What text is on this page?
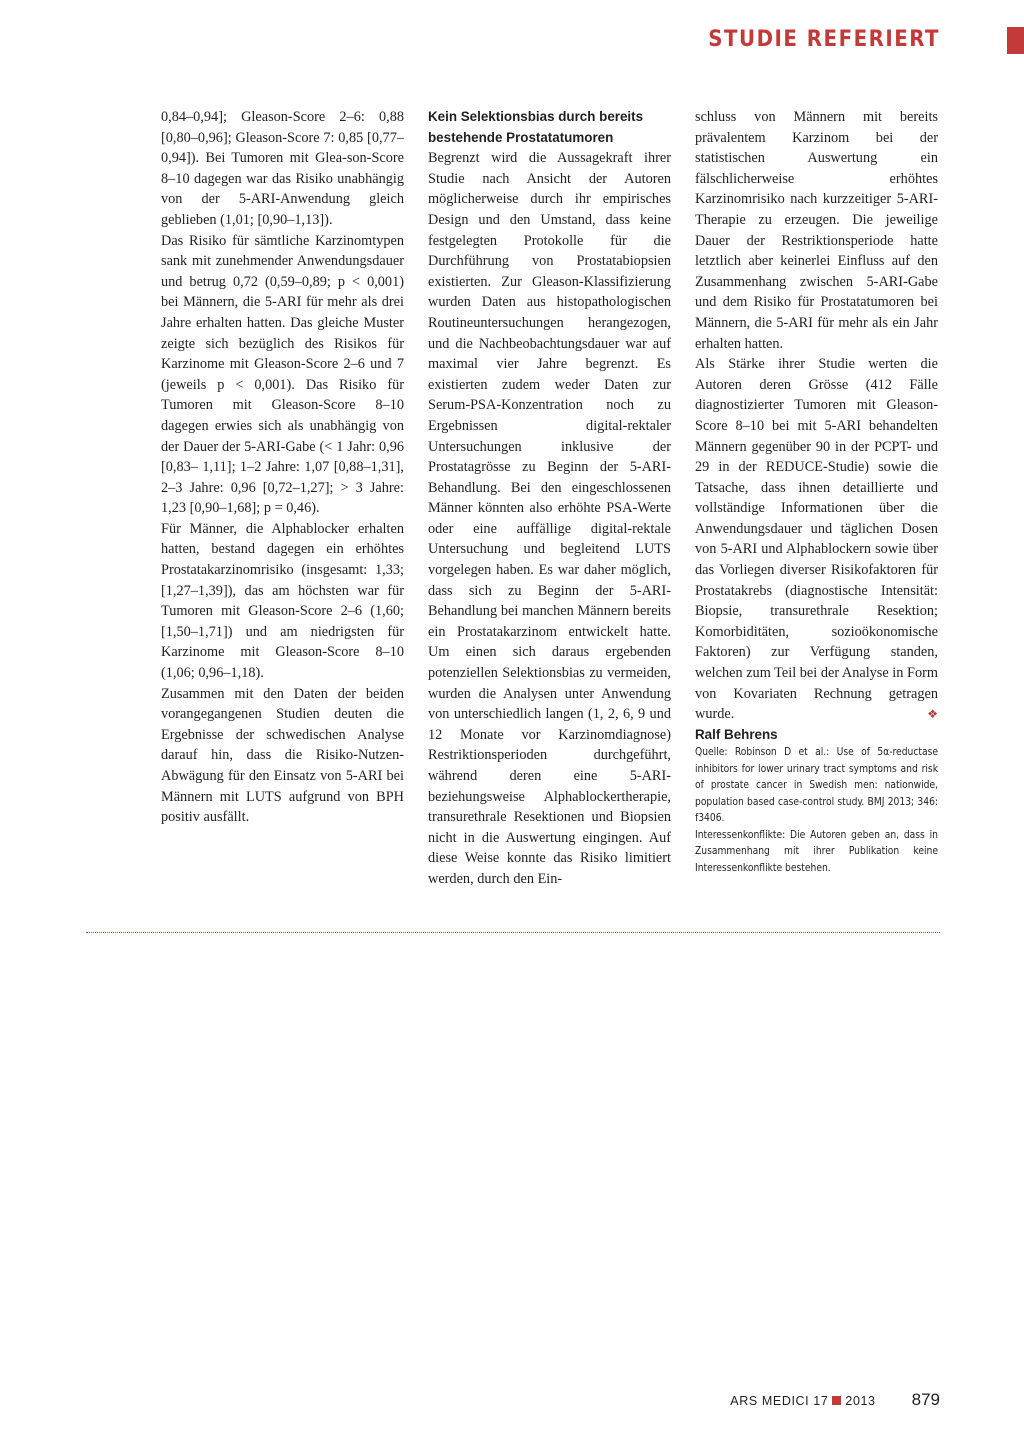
STUDIE REFERIERT

0,84–0,94]; Gleason-Score 2–6: 0,88 [0,80–0,96]; Gleason-Score 7: 0,85 [0,77–0,94]). Bei Tumoren mit Glea-son-Score 8–10 dagegen war das Risiko unabhängig von der 5-ARI-Anwendung gleich geblieben (1,01; [0,90–1,13]).

Das Risiko für sämtliche Karzinomtypen sank mit zunehmender Anwendungsdauer und betrug 0,72 (0,59–0,89; p < 0,001) bei Männern, die 5-ARI für mehr als drei Jahre erhalten hatten. Das gleiche Muster zeigte sich bezüglich des Risikos für Karzinome mit Gleason-Score 2–6 und 7 (jeweils p < 0,001). Das Risiko für Tumoren mit Gleason-Score 8–10 dagegen erwies sich als unabhängig von der Dauer der 5-ARI-Gabe (< 1 Jahr: 0,96 [0,83– 1,11]; 1–2 Jahre: 1,07 [0,88–1,31], 2–3 Jahre: 0,96 [0,72–1,27]; > 3 Jahre: 1,23 [0,90–1,68]; p = 0,46).

Für Männer, die Alphablocker erhalten hatten, bestand dagegen ein erhöhtes Prostatakarzinomrisiko (insgesamt: 1,33; [1,27–1,39]), das am höchsten war für Tumoren mit Gleason-Score 2–6 (1,60; [1,50–1,71]) und am niedrigsten für Karzinome mit Gleason-Score 8–10 (1,06; 0,96–1,18).

Zusammen mit den Daten der beiden vorangegangenen Studien deuten die Ergebnisse der schwedischen Analyse darauf hin, dass die Risiko-Nutzen-Abwägung für den Einsatz von 5-ARI bei Männern mit LUTS aufgrund von BPH positiv ausfällt.

Kein Selektionsbias durch bereits bestehende Prostatatumoren

Begrenzt wird die Aussagekraft ihrer Studie nach Ansicht der Autoren möglicherweise durch ihr empirisches Design und den Umstand, dass keine festgelegten Protokolle für die Durchführung von Prostatabiopsien existierten. Zur Gleason-Klassifizierung wurden Daten aus histopathologischen Routineuntersuchungen herangezogen, und die Nachbeobachtungsdauer war auf maximal vier Jahre begrenzt. Es existierten zudem weder Daten zur Serum-PSA-Konzentration noch zu Ergebnissen digital-rektaler Untersuchungen inklusive der Prostatagrösse zu Beginn der 5-ARI-Behandlung. Bei den eingeschlossenen Männer könnten also erhöhte PSA-Werte oder eine auffällige digital-rektale Untersuchung und begleitend LUTS vorgelegen haben. Es war daher möglich, dass sich zu Beginn der 5-ARI-Behandlung bei manchen Männern bereits ein Prostatakarzinom entwickelt hatte. Um einen sich daraus ergebenden potenziellen Selektionsbias zu vermeiden, wurden die Analysen unter Anwendung von unterschiedlich langen (1, 2, 6, 9 und 12 Monate vor Karzinomdiagnose) Restriktionsperioden durchgeführt, während deren eine 5-ARI-beziehungsweise Alphablockertherapie, transurethrale Resektionen und Biopsien nicht in die Auswertung eingingen. Auf diese Weise konnte das Risiko limitiert werden, durch den Ein-

schluss von Männern mit bereits prävalentem Karzinom bei der statistischen Auswertung ein fälschlicherweise erhöhtes Karzinomrisiko nach kurzzeitiger 5-ARI-Therapie zu erzeugen. Die jeweilige Dauer der Restriktionsperiode hatte letztlich aber keinerlei Einfluss auf den Zusammenhang zwischen 5-ARI-Gabe und dem Risiko für Prostatatumoren bei Männern, die 5-ARI für mehr als ein Jahr erhalten hatten.

Als Stärke ihrer Studie werten die Autoren deren Grösse (412 Fälle diagnostizierter Tumoren mit Gleason-Score 8–10 bei mit 5-ARI behandelten Männern gegenüber 90 in der PCPT- und 29 in der REDUCE-Studie) sowie die Tatsache, dass ihnen detaillierte und vollständige Informationen über die Anwendungsdauer und täglichen Dosen von 5-ARI und Alphablockern sowie über das Vorliegen diverser Risikofaktoren für Prostatakrebs (diagnostische Intensität: Biopsie, transurethrale Resektion; Komorbiditäten, sozioökonomische Faktoren) zur Verfügung standen, welchen zum Teil bei der Analyse in Form von Kovariaten Rechnung getragen wurde.	❖

Ralf Behrens

Quelle: Robinson D et al.: Use of 5α-reductase inhibitors for lower urinary tract symptoms and risk of prostate cancer in Swedish men: nationwide, population based case-control study. BMJ 2013; 346: f3406.

Interessenkonflikte: Die Autoren geben an, dass in Zusammenhang mit ihrer Publikation keine Interessenkonflikte bestehen.

ARS MEDICI 17 2013 879
